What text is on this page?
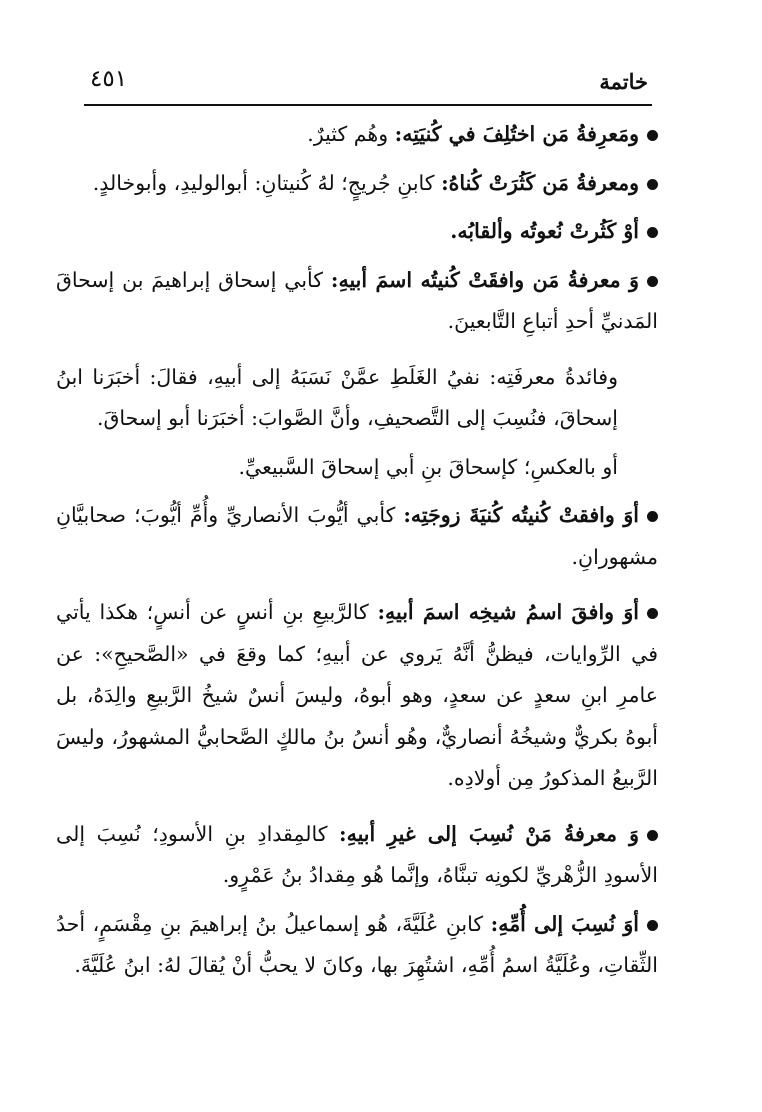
خاتمة
٤٥١

ومَعرِفةُ مَن اختُلِفَ في كُنيَتِه: وهُم كثيرٌ.

ومعرفةُ مَن كَثُرَتْ كُناهُ: كابنِ جُريجٍ؛ لهُ كُنيتانِ: أبوالوليدِ، وأبوخالدٍ.

أوْ كَثُرتْ نُعوتُه وألقابُه.

وَ معرفةُ مَن وافقَتْ كُنيتُه اسمَ أبيهِ: كأبي إسحاق إبراهيمَ بن إسحاقَ المَدنيِّ أحدِ أتباعِ التَّابعينَ.

وفائدةُ معرفَتِه: نفيُ الغَلَطِ عمَّنْ نَسَبَهُ إلى أبيهِ، فقالَ: أخبَرَنا ابنُ إسحاقَ، فنُسِبَ إلى التَّصحيفِ، وأنَّ الصَّوابَ: أخبَرَنا أبو إسحاقَ.

أو بالعكسِ؛ كإسحاقَ بنِ أبي إسحاقَ السَّبيعيِّ.

أوَ وافقتْ كُنيتُه كُنيَةَ زوجَتِه: كأبي أيُّوبَ الأنصاريِّ وأُمِّ أيُّوبَ؛ صحابيَّانِ مشهورانِ.

أوَ وافقَ اسمُ شيخِه اسمَ أبيهِ: كالرَّبيعِ بنِ أنسٍ عن أنسٍ؛ هكذا يأتي في الرِّوايات، فيظنُّ أنَّهُ يَروي عن أبيهِ؛ كما وقعَ في «الصَّحيحِ»: عن عامرِ ابنِ سعدٍ عن سعدٍ، وهو أبوهُ، وليسَ أنسٌ شيخُ الرَّبيعِ والِدَهُ، بل أبوهُ بكريٌّ وشيخُهُ أنصاريٌّ، وهُو أنسُ بنُ مالكٍ الصَّحابيُّ المشهورُ، وليسَ الرَّبيعُ المذكورُ مِن أولادِه.

وَ معرفةُ مَنْ نُسِبَ إلى غيرِ أبيهِ: كالمِقدادِ بنِ الأسودِ؛ نُسِبَ إلى الأسودِ الزُّهْريِّ لكونِه تبنَّاهُ، وإنَّما هُو مِقدادُ بنُ عَمْرٍو.

أوَ نُسِبَ إلى أُمِّهِ: كابنِ عُلَيَّةَ، هُو إسماعيلُ بنُ إبراهيمَ بنِ مِقْسَمٍ، أحدُ الثِّقاتِ، وعُلَيَّةُ اسمُ أُمِّهِ، اشتُهِرَ بها، وكانَ لا يحبُّ أنْ يُقالَ لهُ: ابنُ عُلَيَّةَ.
